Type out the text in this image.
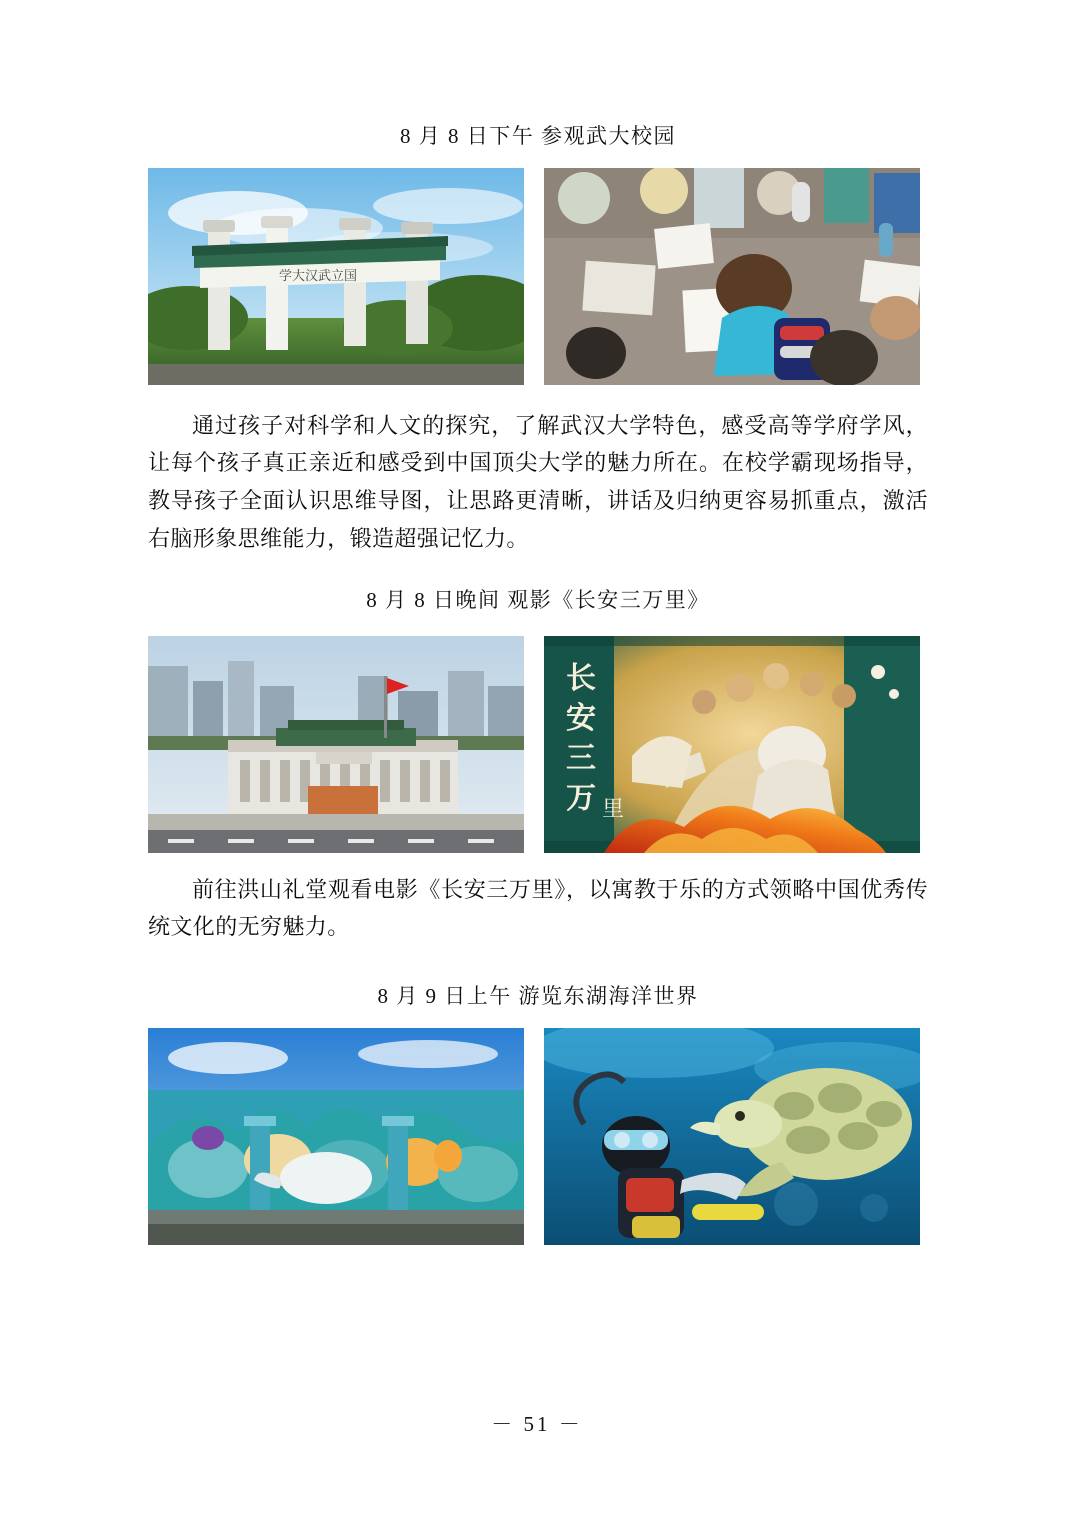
8 月 8 日下午 参观武大校园
学大汉武立国

通过孩子对科学和人文的探究，了解武汉大学特色，感受高等学府学风，让每个孩子真正亲近和感受到中国顶尖大学的魅力所在。在校学霸现场指导，教导孩子全面认识思维导图，让思路更清晰，讲话及归纳更容易抓重点，激活右脑形象思维能力，锻造超强记忆力。

8 月 8 日晚间 观影《长安三万里》
长
安
三
万 里

前往洪山礼堂观看电影《长安三万里》，以寓教于乐的方式领略中国优秀传统文化的无穷魅力。

8 月 9 日上午 游览东湖海洋世界
－ 51 －
